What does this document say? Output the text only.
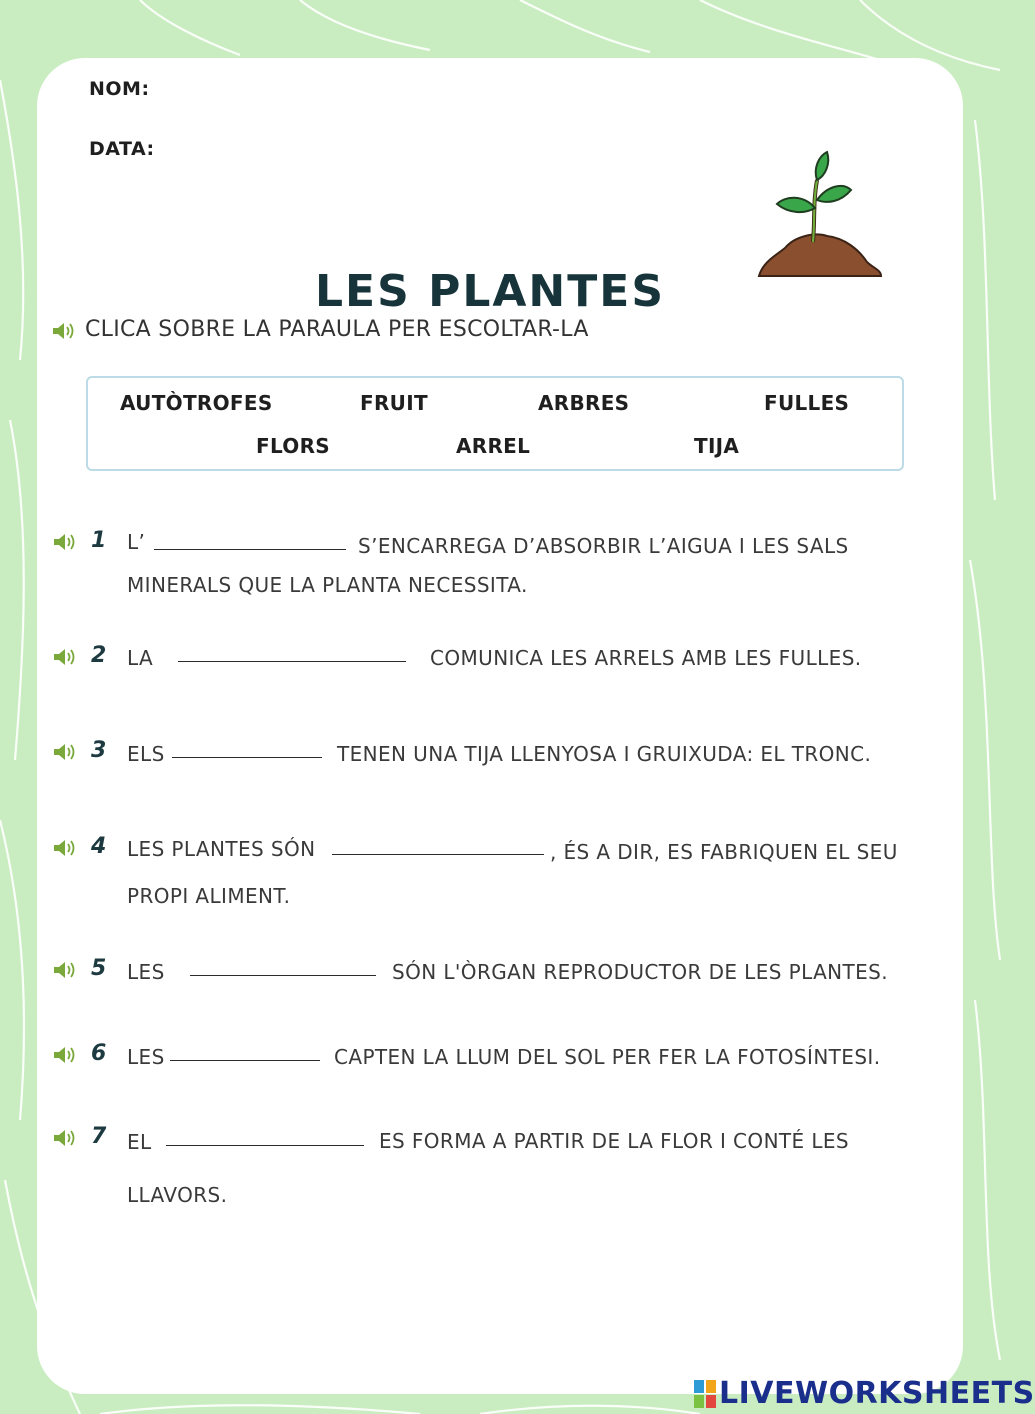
NOM:
DATA:
LES PLANTES
CLICA SOBRE LA PARAULA PER ESCOLTAR-LA
AUTÒTROFES	FRUIT	ARBRES	FULLES
FLORS	ARREL	TIJA
1 L’	S’ENCARREGA D’ABSORBIR L’AIGUA I LES SALS
MINERALS QUE LA PLANTA NECESSITA.
2 LA	COMUNICA LES ARRELS AMB LES FULLES.
3 ELS	TENEN UNA TIJA LLENYOSA I GRUIXUDA: EL TRONC.
4 LES PLANTES SÓN	, ÉS A DIR, ES FABRIQUEN EL SEU
PROPI ALIMENT.
5 LES	SÓN L'ÒRGAN REPRODUCTOR DE LES PLANTES.
6 LES	CAPTEN LA LLUM DEL SOL PER FER LA FOTOSÍNTESI.
7 EL	ES FORMA A PARTIR DE LA FLOR I CONTÉ LES
LLAVORS.
LIVEWORKSHEETS
